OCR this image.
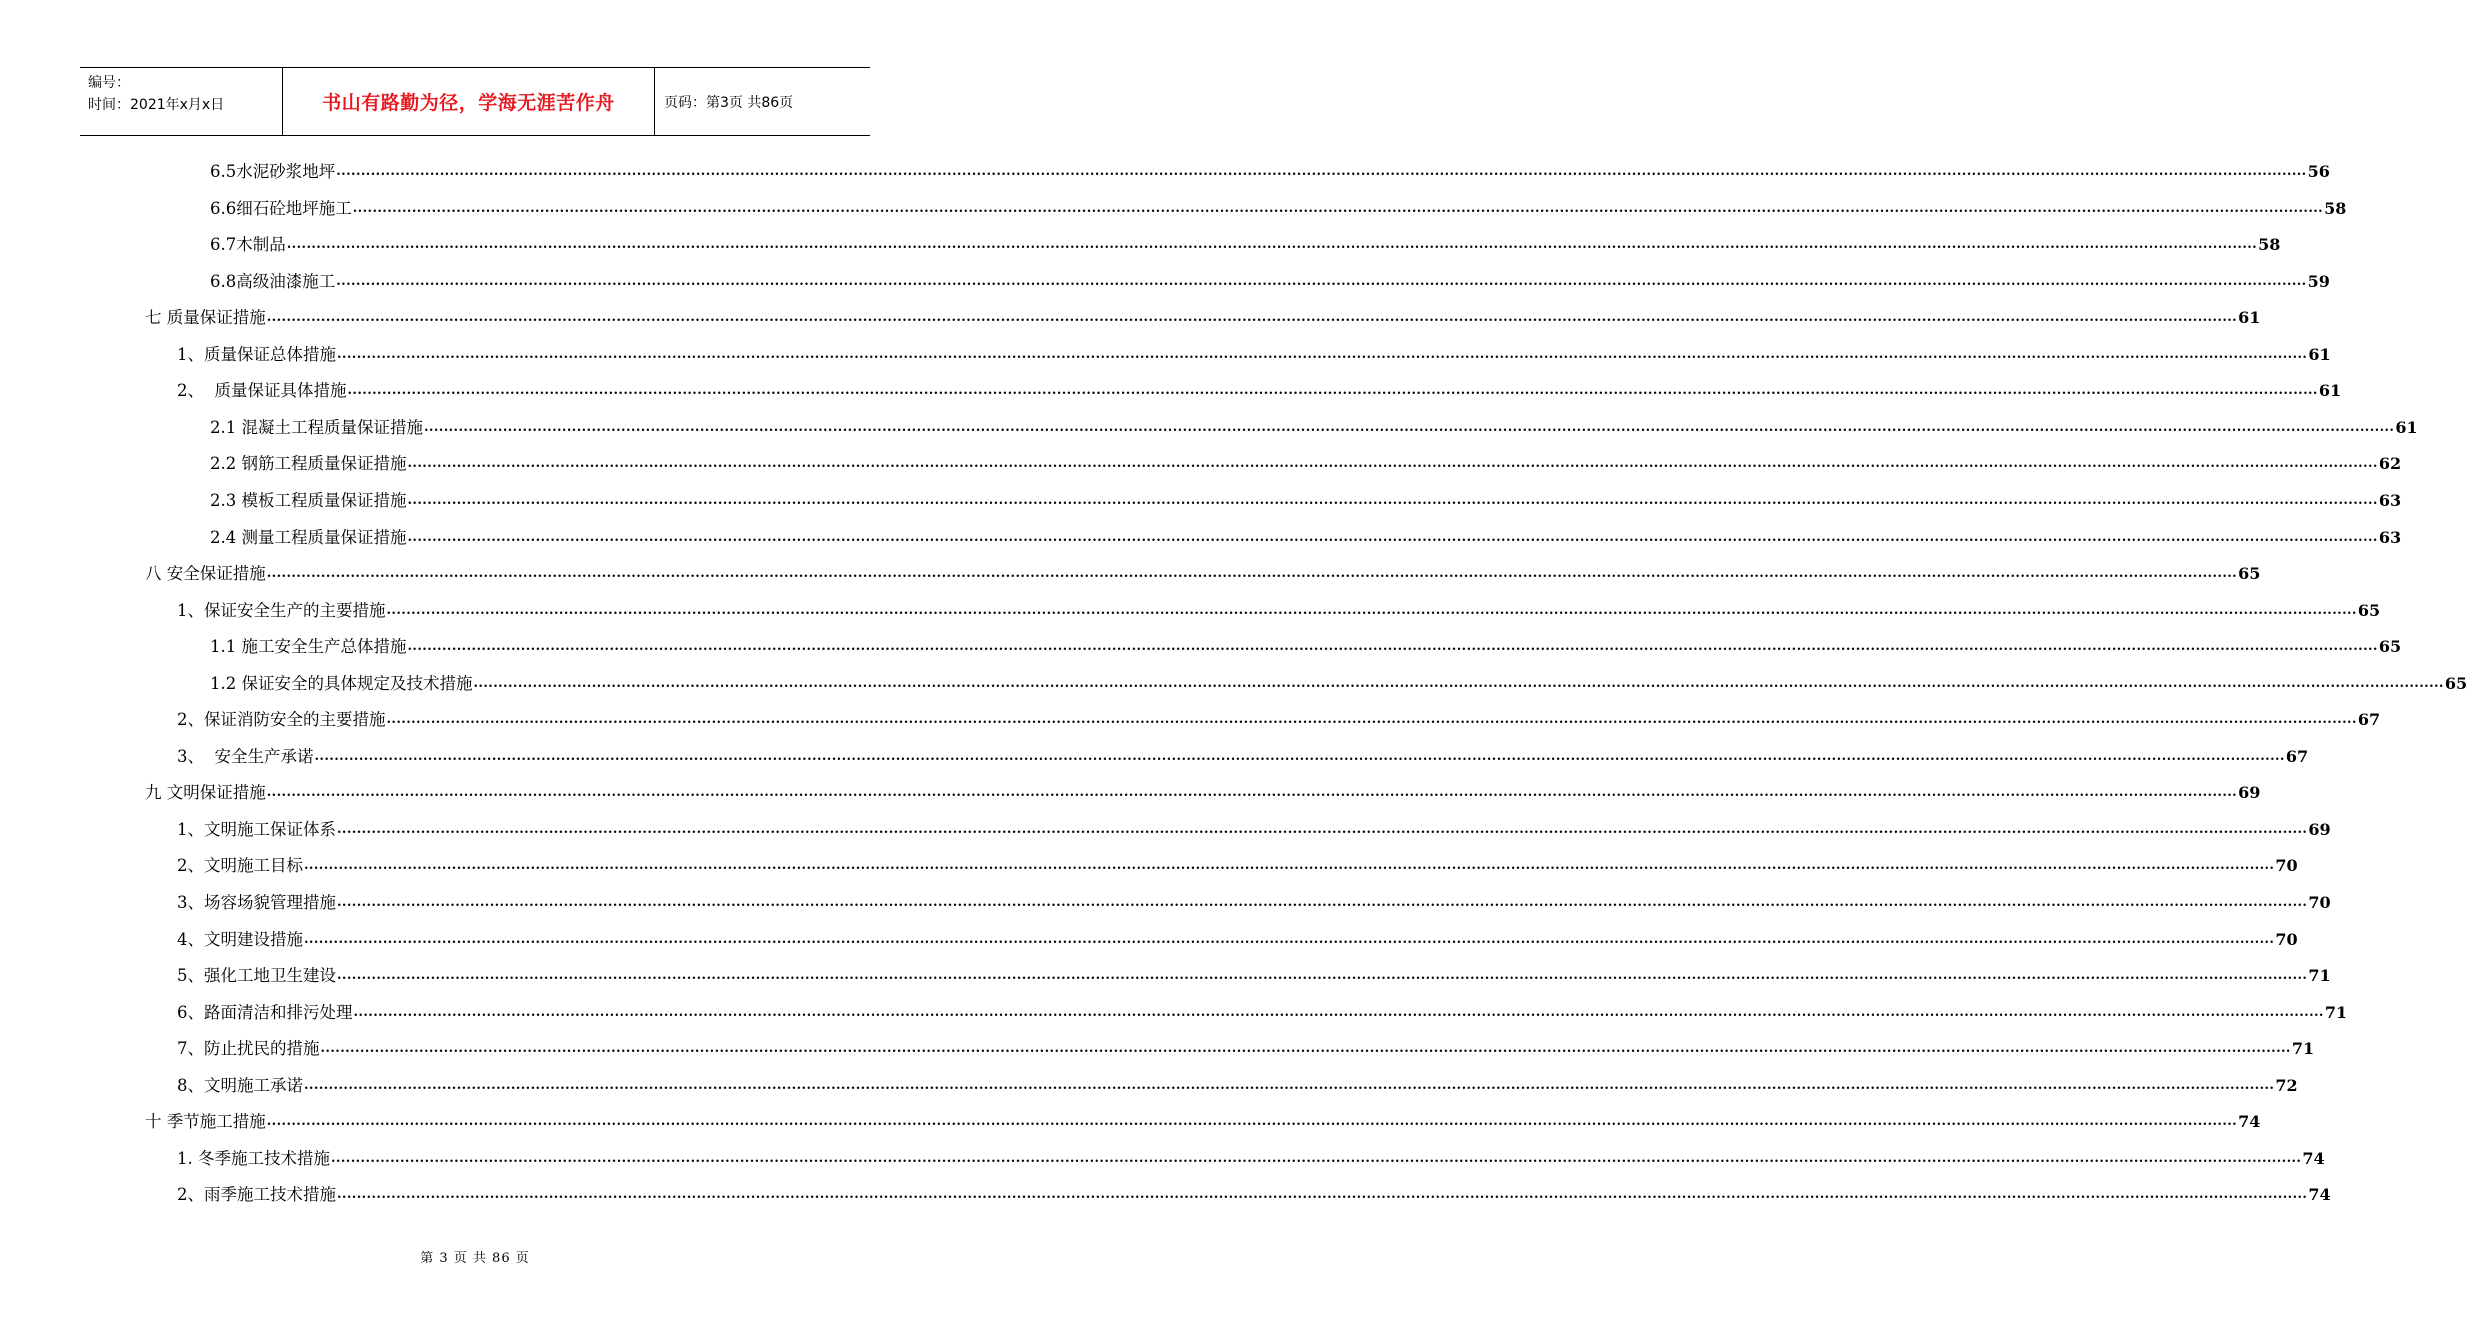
编号：
时间：2021年x月x日	书山有路勤为径，学海无涯苦作舟	页码：第3页 共86页
6.5水泥砂浆地坪 ................................................................................................................................................................................................................................................................................................................................................................................................................ 56
6.6细石砼地坪施工 ................................................................................................................................................................................................................................................................................................................................................................................................................ 58
6.7木制品 ................................................................................................................................................................................................................................................................................................................................................................................................................ 58
6.8高级油漆施工 ................................................................................................................................................................................................................................................................................................................................................................................................................ 59
七 质量保证措施 ................................................................................................................................................................................................................................................................................................................................................................................................................ 61
1、质量保证总体措施 ................................................................................................................................................................................................................................................................................................................................................................................................................ 61
2、  质量保证具体措施 ................................................................................................................................................................................................................................................................................................................................................................................................................ 61
2.1 混凝土工程质量保证措施 ................................................................................................................................................................................................................................................................................................................................................................................................................ 61
2.2 钢筋工程质量保证措施 ................................................................................................................................................................................................................................................................................................................................................................................................................ 62
2.3 模板工程质量保证措施 ................................................................................................................................................................................................................................................................................................................................................................................................................ 63
2.4 测量工程质量保证措施 ................................................................................................................................................................................................................................................................................................................................................................................................................ 63
八 安全保证措施 ................................................................................................................................................................................................................................................................................................................................................................................................................ 65
1、保证安全生产的主要措施 ................................................................................................................................................................................................................................................................................................................................................................................................................ 65
1.1 施工安全生产总体措施 ................................................................................................................................................................................................................................................................................................................................................................................................................ 65
1.2 保证安全的具体规定及技术措施 ................................................................................................................................................................................................................................................................................................................................................................................................................ 65
2、保证消防安全的主要措施 ................................................................................................................................................................................................................................................................................................................................................................................................................ 67
3、  安全生产承诺 ................................................................................................................................................................................................................................................................................................................................................................................................................ 67
九 文明保证措施 ................................................................................................................................................................................................................................................................................................................................................................................................................ 69
1、文明施工保证体系 ................................................................................................................................................................................................................................................................................................................................................................................................................ 69
2、文明施工目标 ................................................................................................................................................................................................................................................................................................................................................................................................................ 70
3、场容场貌管理措施 ................................................................................................................................................................................................................................................................................................................................................................................................................ 70
4、文明建设措施 ................................................................................................................................................................................................................................................................................................................................................................................................................ 70
5、强化工地卫生建设 ................................................................................................................................................................................................................................................................................................................................................................................................................ 71
6、路面清洁和排污处理 ................................................................................................................................................................................................................................................................................................................................................................................................................ 71
7、防止扰民的措施 ................................................................................................................................................................................................................................................................................................................................................................................................................ 71
8、文明施工承诺 ................................................................................................................................................................................................................................................................................................................................................................................................................ 72
十 季节施工措施 ................................................................................................................................................................................................................................................................................................................................................................................................................ 74
1. 冬季施工技术措施 ................................................................................................................................................................................................................................................................................................................................................................................................................ 74
2、雨季施工技术措施 ................................................................................................................................................................................................................................................................................................................................................................................................................ 74
第 3 页 共 86 页
